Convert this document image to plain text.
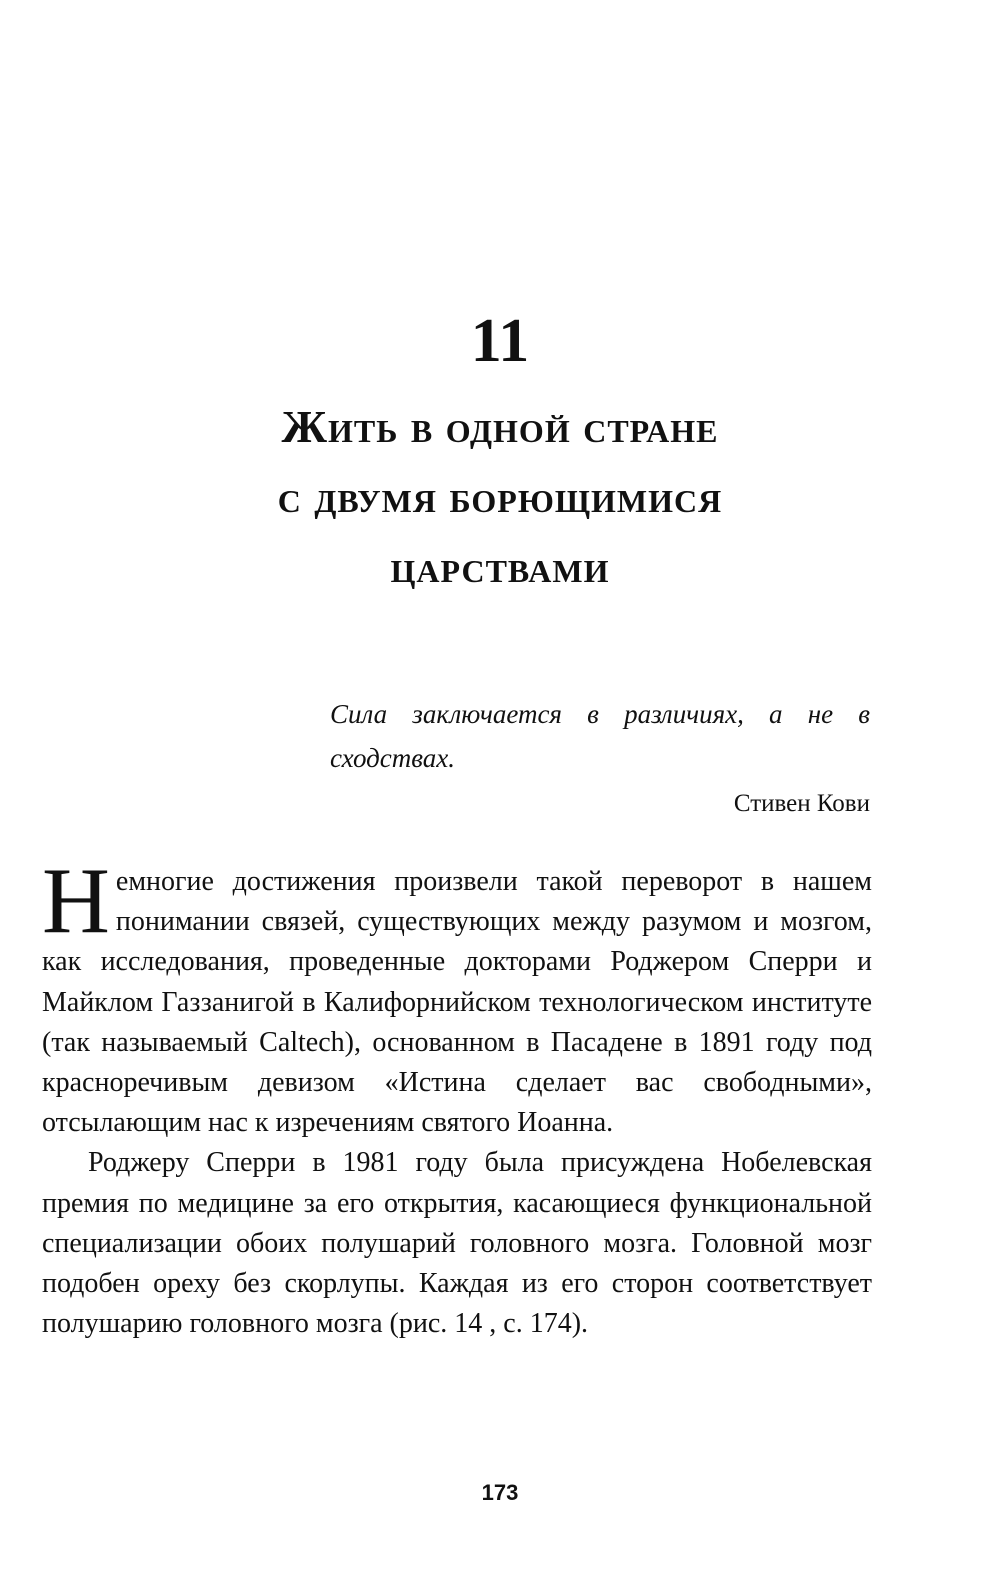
11
Жить в одной стране
с двумя борющимися
царствами
Сила заключается в различиях, а не в сходствах.
Стивен Кови

Немногие достижения произвели такой переворот в нашем понимании связей, существующих между разумом и мозгом, как исследования, проведенные докторами Роджером Сперри и Майклом Газзанигой в Калифорнийском технологическом институте (так называемый Caltech), основанном в Пасадене в 1891 году под красноречивым девизом «Истина сделает вас свободными», отсылающим нас к изречениям святого Иоанна.

Роджеру Сперри в 1981 году была присуждена Нобелевская премия по медицине за его открытия, касающиеся функциональной специализации обоих полушарий головного мозга. Головной мозг подобен ореху без скорлупы. Каждая из его сторон соответствует полушарию головного мозга (рис. 14 , с. 174).

173
